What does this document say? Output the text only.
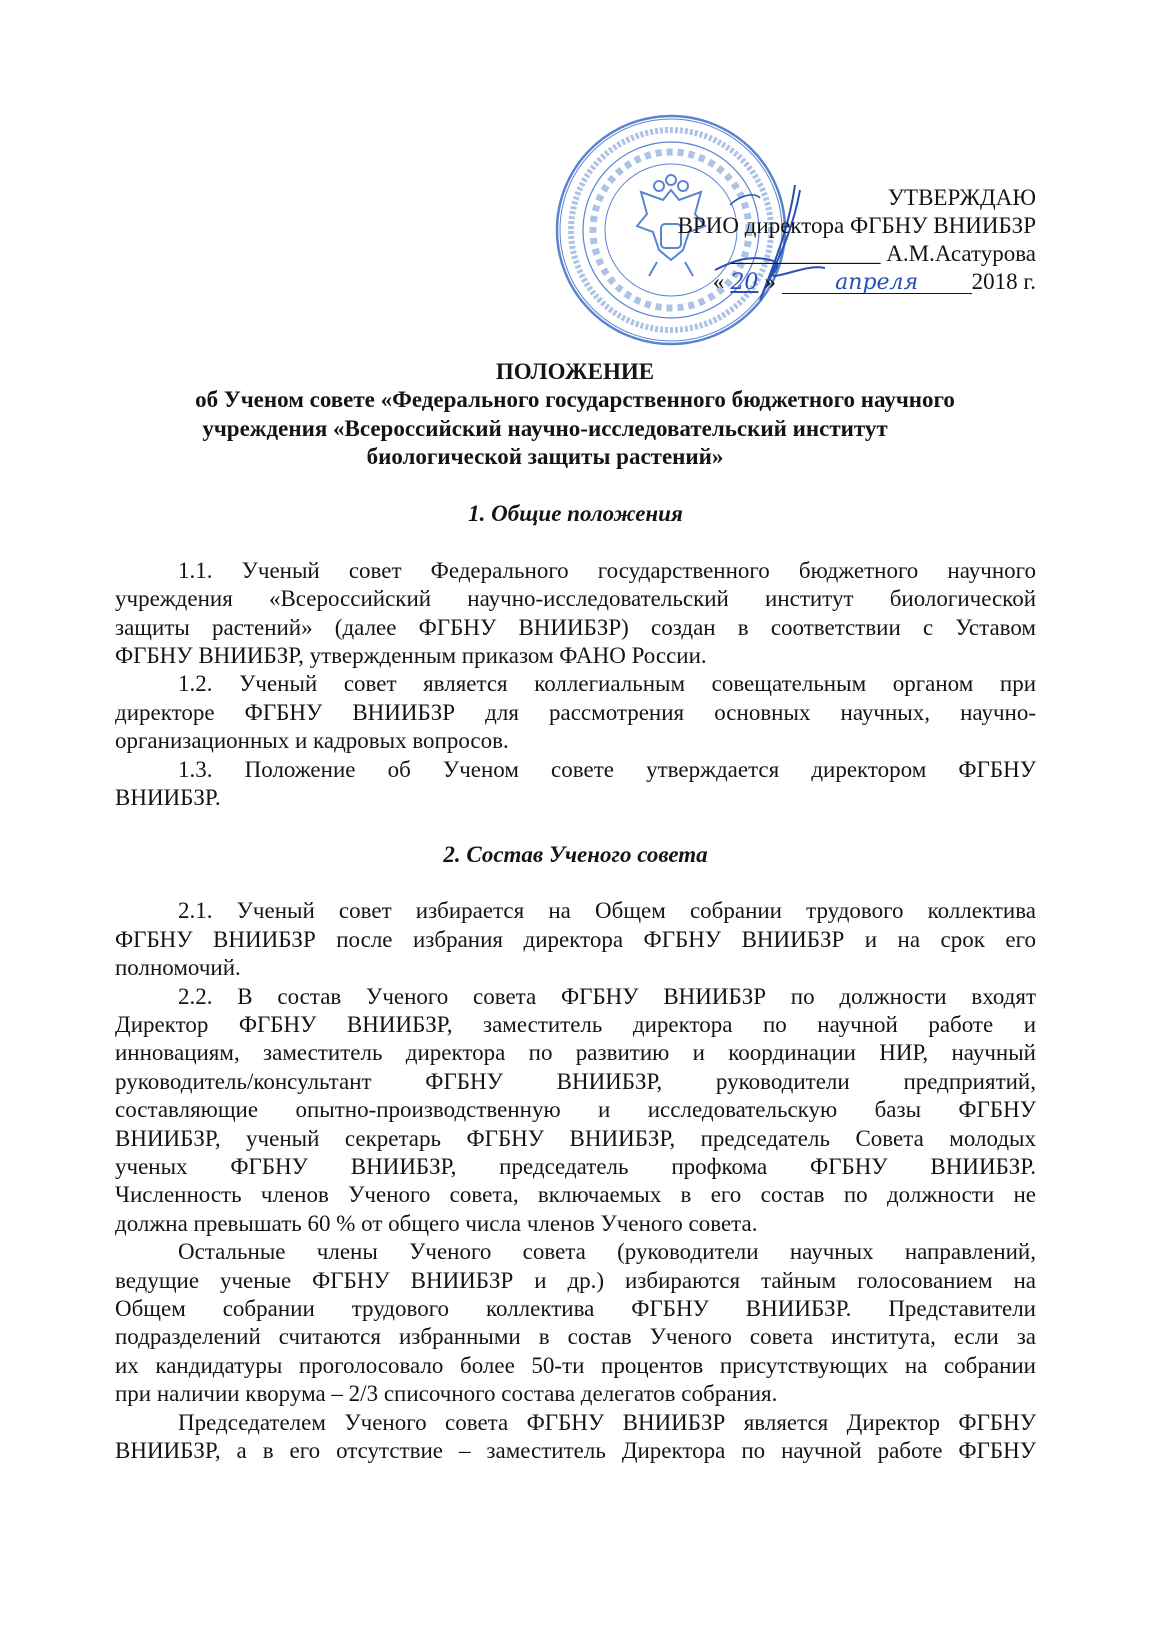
УТВЕРЖДАЮ
ВРИО директора ФГБНУ ВНИИБЗР
_____________ А.М.Асатурова
« 20 » апреля 2018 г.
ПОЛОЖЕНИЕ
об Ученом совете «Федерального государственного бюджетного научного
учреждения «Всероссийский научно-исследовательский институт
биологической защиты растений»
1. Общие положения
1.1. Ученый совет Федерального государственного бюджетного научного
учреждения «Всероссийский научно-исследовательский институт биологической
защиты растений» (далее ФГБНУ ВНИИБЗР) создан в соответствии с Уставом
ФГБНУ ВНИИБЗР, утвержденным приказом ФАНО России.
1.2. Ученый совет является коллегиальным совещательным органом при
директоре ФГБНУ ВНИИБЗР для рассмотрения основных научных, научно-
организационных и кадровых вопросов.
1.3. Положение об Ученом совете утверждается директором ФГБНУ
ВНИИБЗР.
2. Состав Ученого совета
2.1. Ученый совет избирается на Общем собрании трудового коллектива
ФГБНУ ВНИИБЗР после избрания директора ФГБНУ ВНИИБЗР и на срок его
полномочий.
2.2. В состав Ученого совета ФГБНУ ВНИИБЗР по должности входят
Директор ФГБНУ ВНИИБЗР, заместитель директора по научной работе и
инновациям, заместитель директора по развитию и координации НИР, научный
руководитель/консультант ФГБНУ ВНИИБЗР, руководители предприятий,
составляющие опытно-производственную и исследовательскую базы ФГБНУ
ВНИИБЗР, ученый секретарь ФГБНУ ВНИИБЗР, председатель Совета молодых
ученых ФГБНУ ВНИИБЗР, председатель профкома ФГБНУ ВНИИБЗР.
Численность членов Ученого совета, включаемых в его состав по должности не
должна превышать 60 % от общего числа членов Ученого совета.
Остальные члены Ученого совета (руководители научных направлений,
ведущие ученые ФГБНУ ВНИИБЗР и др.) избираются тайным голосованием на
Общем собрании трудового коллектива ФГБНУ ВНИИБЗР. Представители
подразделений считаются избранными в состав Ученого совета института, если за
их кандидатуры проголосовало более 50-ти процентов присутствующих на собрании
при наличии кворума – 2/3 списочного состава делегатов собрания.
Председателем Ученого совета ФГБНУ ВНИИБЗР является Директор ФГБНУ
ВНИИБЗР, а в его отсутствие – заместитель Директора по научной работе ФГБНУ
